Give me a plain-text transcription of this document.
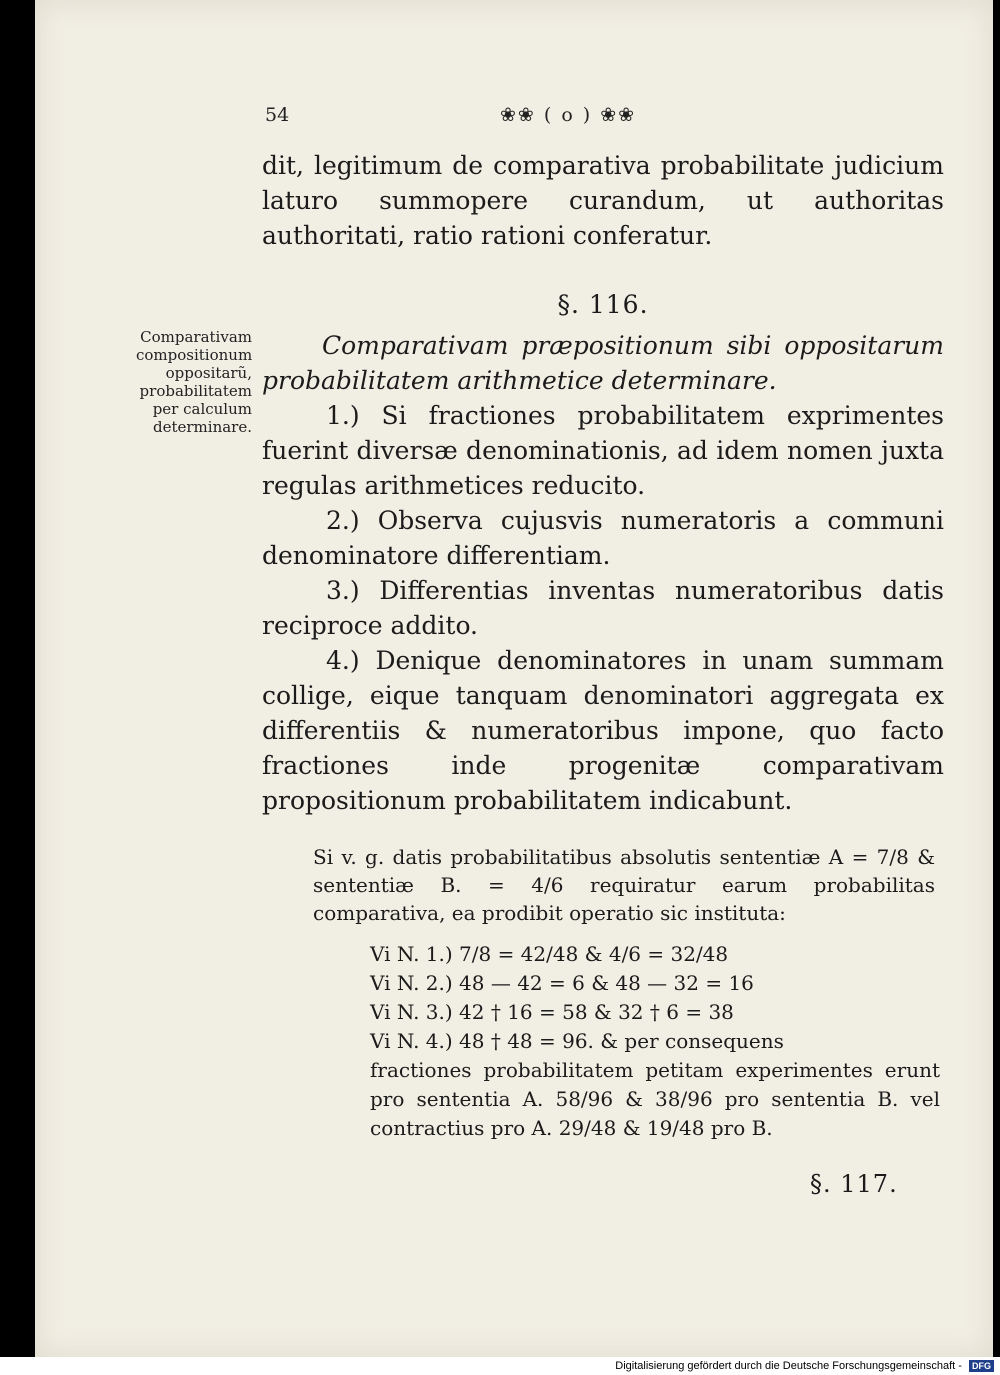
54	❀❀ ( o ) ❀❀

dit, legitimum de comparativa probabilitate judicium laturo summopere curandum, ut authoritas authoritati, ratio rationi conferatur.

§. 116.

Comparativam præpositionum sibi oppositarum probabilitatem arithmetice determinare.

1.) Si fractiones probabilitatem exprimentes fuerint diversæ denominationis, ad idem nomen juxta regulas arithmetices reducito.

2.) Observa cujusvis numeratoris a communi denominatore differentiam.

3.) Differentias inventas numeratoribus datis reciproce addito.

4.) Denique denominatores in unam summam collige, eique tanquam denominatori aggregata ex differentiis & numeratoribus impone, quo facto fractiones inde progenitæ comparativam propositionum probabilitatem indicabunt.

Comparativam compositionum oppositarũ, probabilitatem per calculum determinare.

Si v. g. datis probabilitatibus absolutis sententiæ A = 7/8 & sententiæ B. = 4/6 requiratur earum probabilitas comparativa, ea prodibit operatio sic instituta:

Vi N. 1.) 7/8 = 42/48 & 4/6 = 32/48
Vi N. 2.) 48 — 42 = 6 & 48 — 32 = 16
Vi N. 3.) 42 † 16 = 58 & 32 † 6 = 38
Vi N. 4.) 48 † 48 = 96. & per consequens
fractiones probabilitatem petitam experimentes erunt pro sententia A. 58/96 & 38/96 pro sententia B. vel contractius pro A. 29/48 & 19/48 pro B.
§. 117.
Digitalisierung gefördert durch die Deutsche Forschungsgemeinschaft - DFG
